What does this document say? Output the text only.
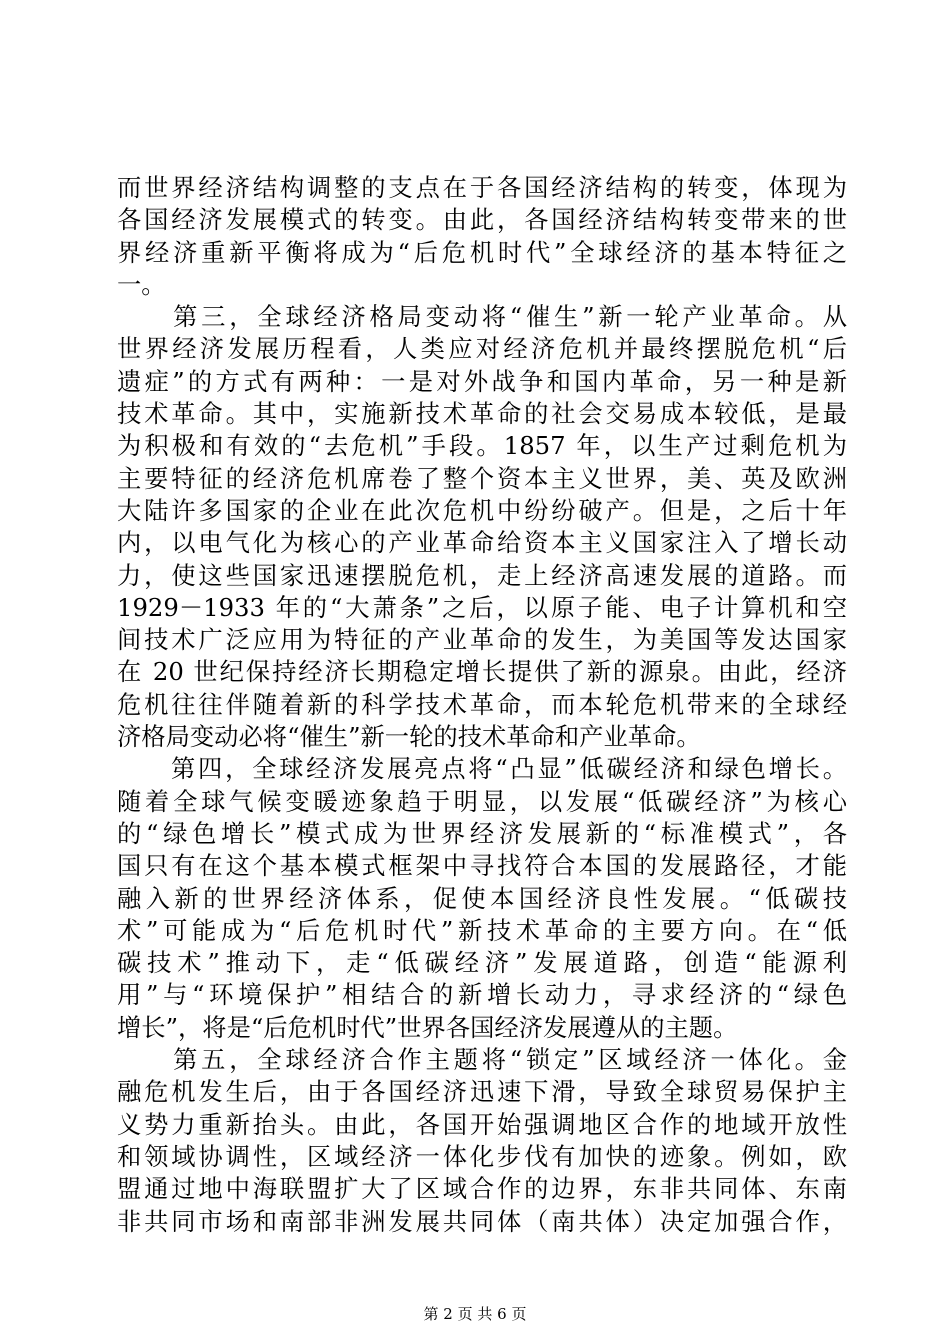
而世界经济结构调整的支点在于各国经济结构的转变，体现为
各国经济发展模式的转变。由此，各国经济结构转变带来的世
界经济重新平衡将成为“后危机时代”全球经济的基本特征之
一。
　　第三，全球经济格局变动将“催生”新一轮产业革命。从
世界经济发展历程看，人类应对经济危机并最终摆脱危机“后
遗症”的方式有两种：一是对外战争和国内革命，另一种是新
技术革命。其中，实施新技术革命的社会交易成本较低，是最
为积极和有效的“去危机”手段。1857 年，以生产过剩危机为
主要特征的经济危机席卷了整个资本主义世界，美、英及欧洲
大陆许多国家的企业在此次危机中纷纷破产。但是，之后十年
内，以电气化为核心的产业革命给资本主义国家注入了增长动
力，使这些国家迅速摆脱危机，走上经济高速发展的道路。而
1929－1933 年的“大萧条”之后，以原子能、电子计算机和空
间技术广泛应用为特征的产业革命的发生，为美国等发达国家
在 20 世纪保持经济长期稳定增长提供了新的源泉。由此，经济
危机往往伴随着新的科学技术革命，而本轮危机带来的全球经
济格局变动必将“催生”新一轮的技术革命和产业革命。
　　第四，全球经济发展亮点将“凸显”低碳经济和绿色增长。
随着全球气候变暖迹象趋于明显，以发展“低碳经济”为核心
的“绿色增长”模式成为世界经济发展新的“标准模式”，各
国只有在这个基本模式框架中寻找符合本国的发展路径，才能
融入新的世界经济体系，促使本国经济良性发展。“低碳技
术”可能成为“后危机时代”新技术革命的主要方向。在“低
碳技术”推动下，走“低碳经济”发展道路，创造“能源利
用”与“环境保护”相结合的新增长动力，寻求经济的“绿色
增长”，将是“后危机时代”世界各国经济发展遵从的主题。
　　第五，全球经济合作主题将“锁定”区域经济一体化。金
融危机发生后，由于各国经济迅速下滑，导致全球贸易保护主
义势力重新抬头。由此，各国开始强调地区合作的地域开放性
和领域协调性，区域经济一体化步伐有加快的迹象。例如，欧
盟通过地中海联盟扩大了区域合作的边界，东非共同体、东南
非共同市场和南部非洲发展共同体（南共体）决定加强合作，
第 2 页 共 6 页
